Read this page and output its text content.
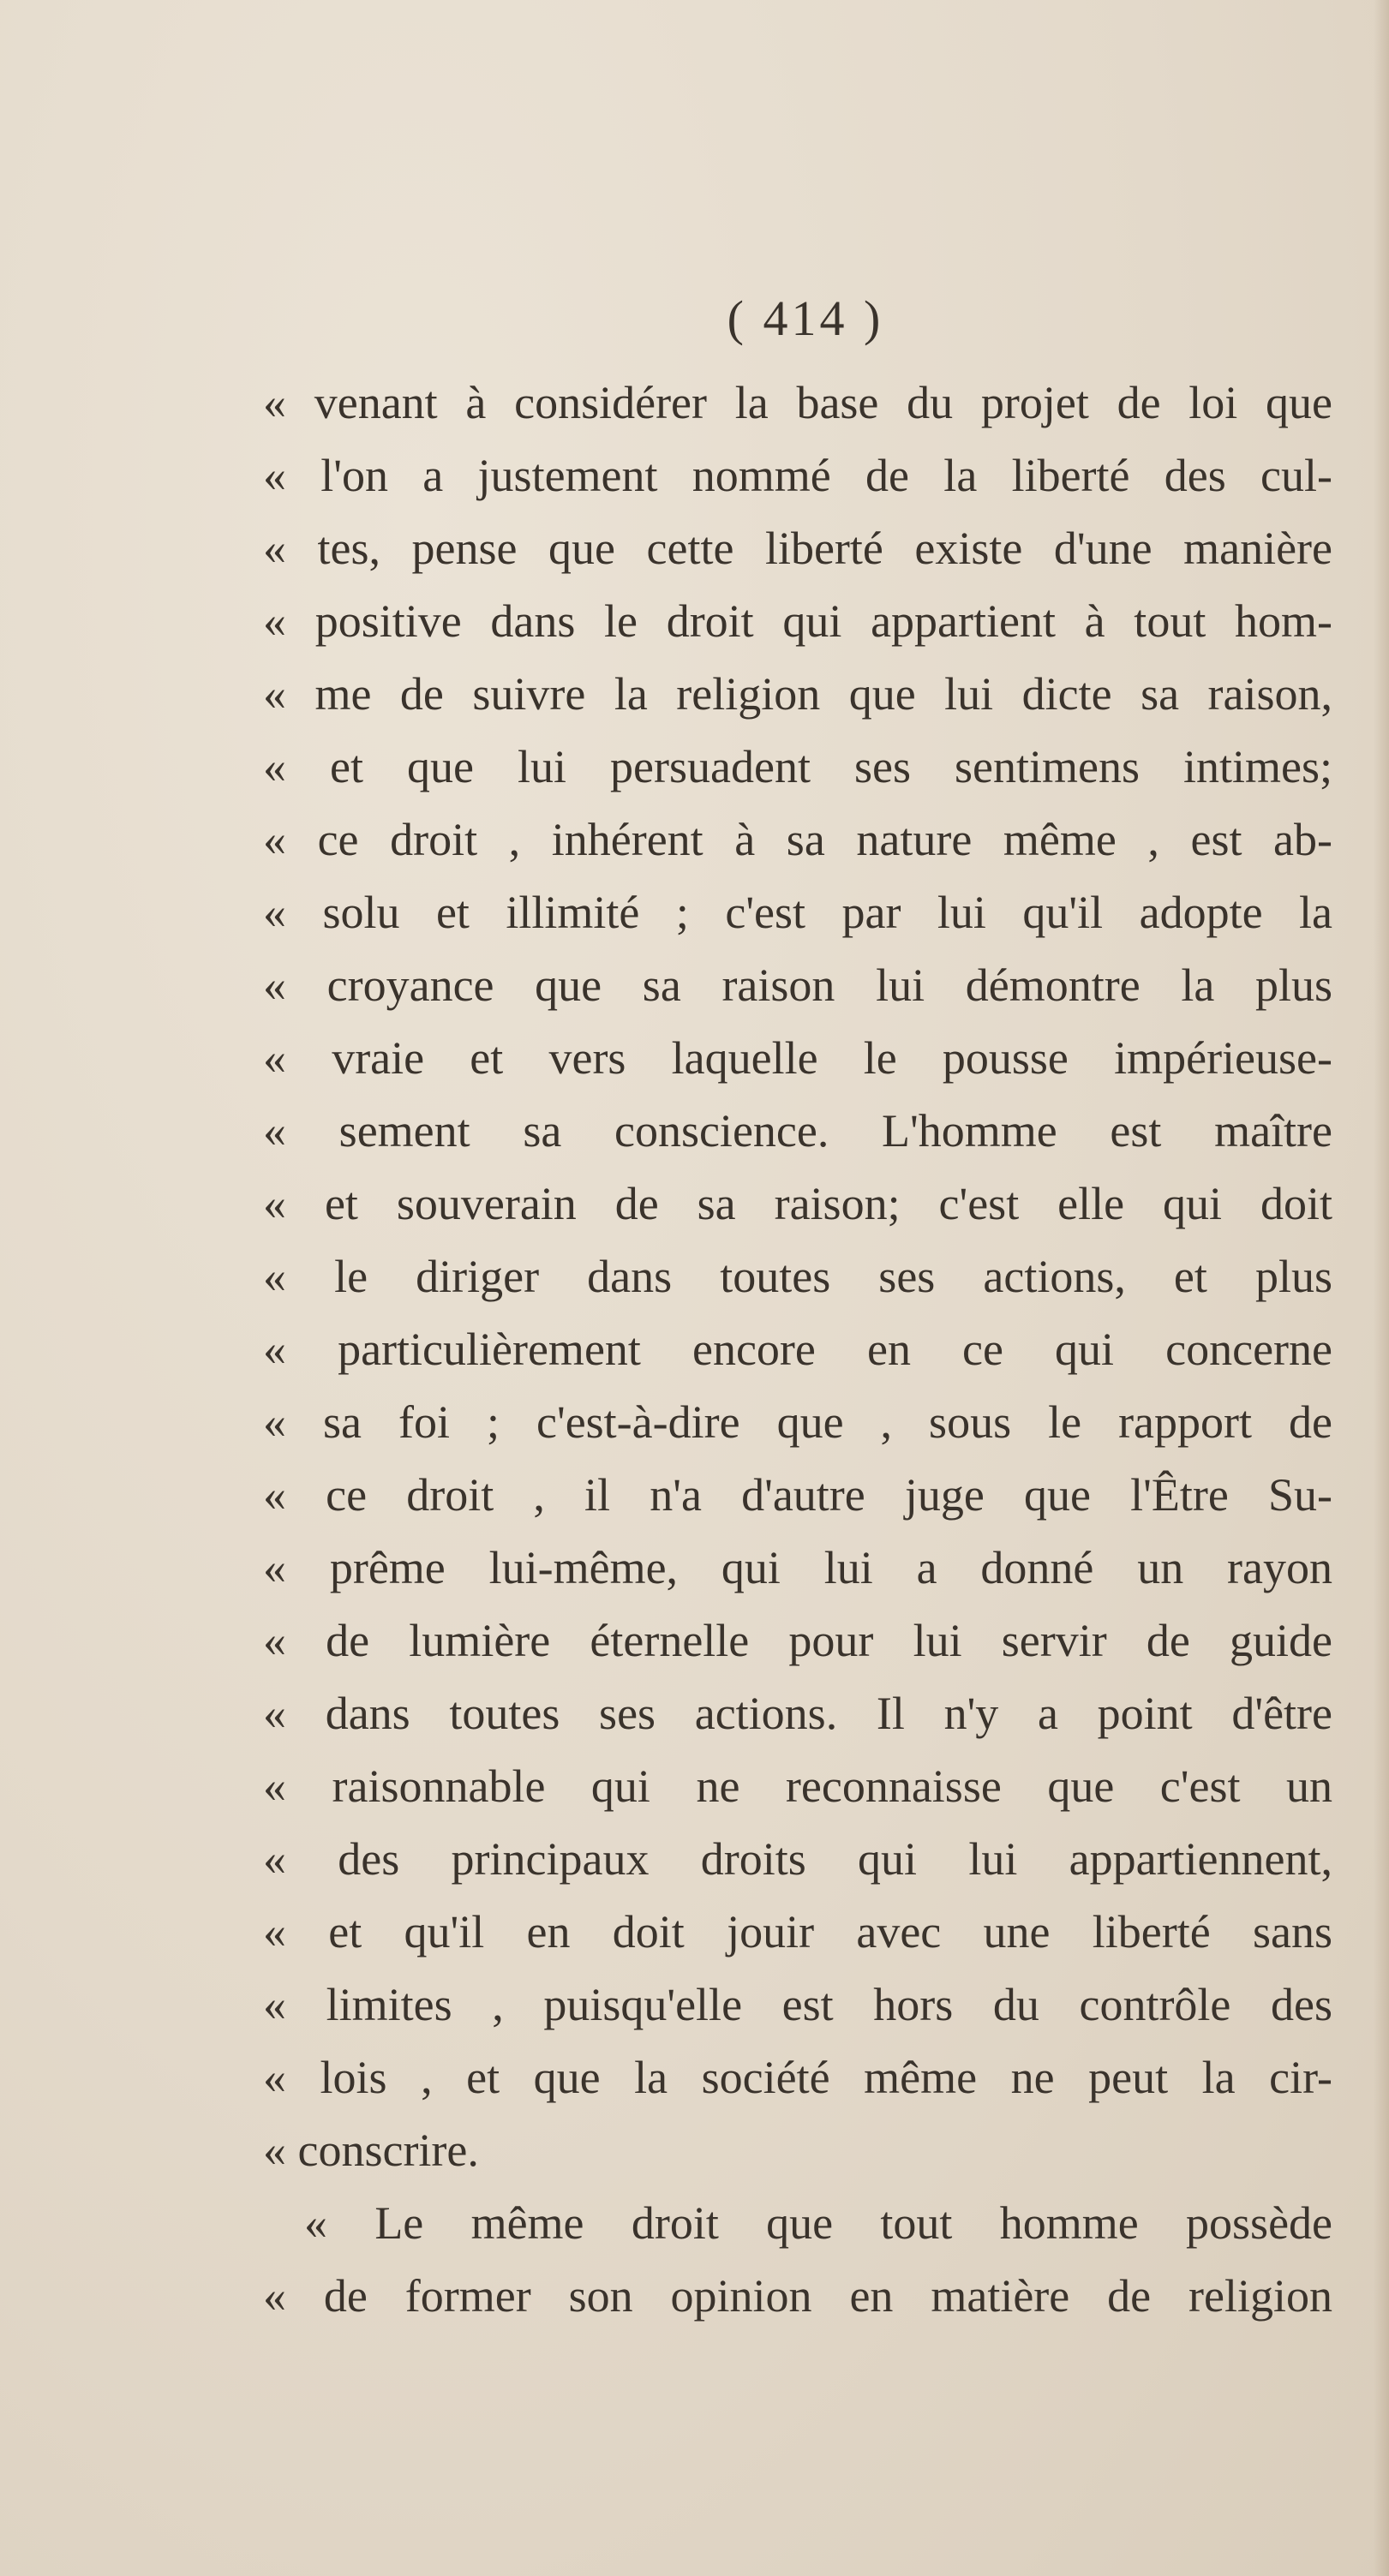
( 414 )
« venant à considérer la base du projet de loi que
« l'on a justement nommé de la liberté des cul-
« tes, pense que cette liberté existe d'une manière
« positive dans le droit qui appartient à tout hom-
« me de suivre la religion que lui dicte sa raison,
« et que lui persuadent ses sentimens intimes;
« ce droit , inhérent à sa nature même , est ab-
« solu et illimité ; c'est par lui qu'il adopte la
« croyance que sa raison lui démontre la plus
« vraie et vers laquelle le pousse impérieuse-
« sement sa conscience. L'homme est maître
« et souverain de sa raison; c'est elle qui doit
« le diriger dans toutes ses actions, et plus
« particulièrement encore en ce qui concerne
« sa foi ; c'est-à-dire que , sous le rapport de
« ce droit , il n'a d'autre juge que l'Être Su-
« prême lui-même, qui lui a donné un rayon
« de lumière éternelle pour lui servir de guide
« dans toutes ses actions. Il n'y a point d'être
« raisonnable qui ne reconnaisse que c'est un
« des principaux droits qui lui appartiennent,
« et qu'il en doit jouir avec une liberté sans
« limites , puisqu'elle est hors du contrôle des
« lois , et que la société même ne peut la cir-
« conscrire.
« Le même droit que tout homme possède
« de former son opinion en matière de religion
